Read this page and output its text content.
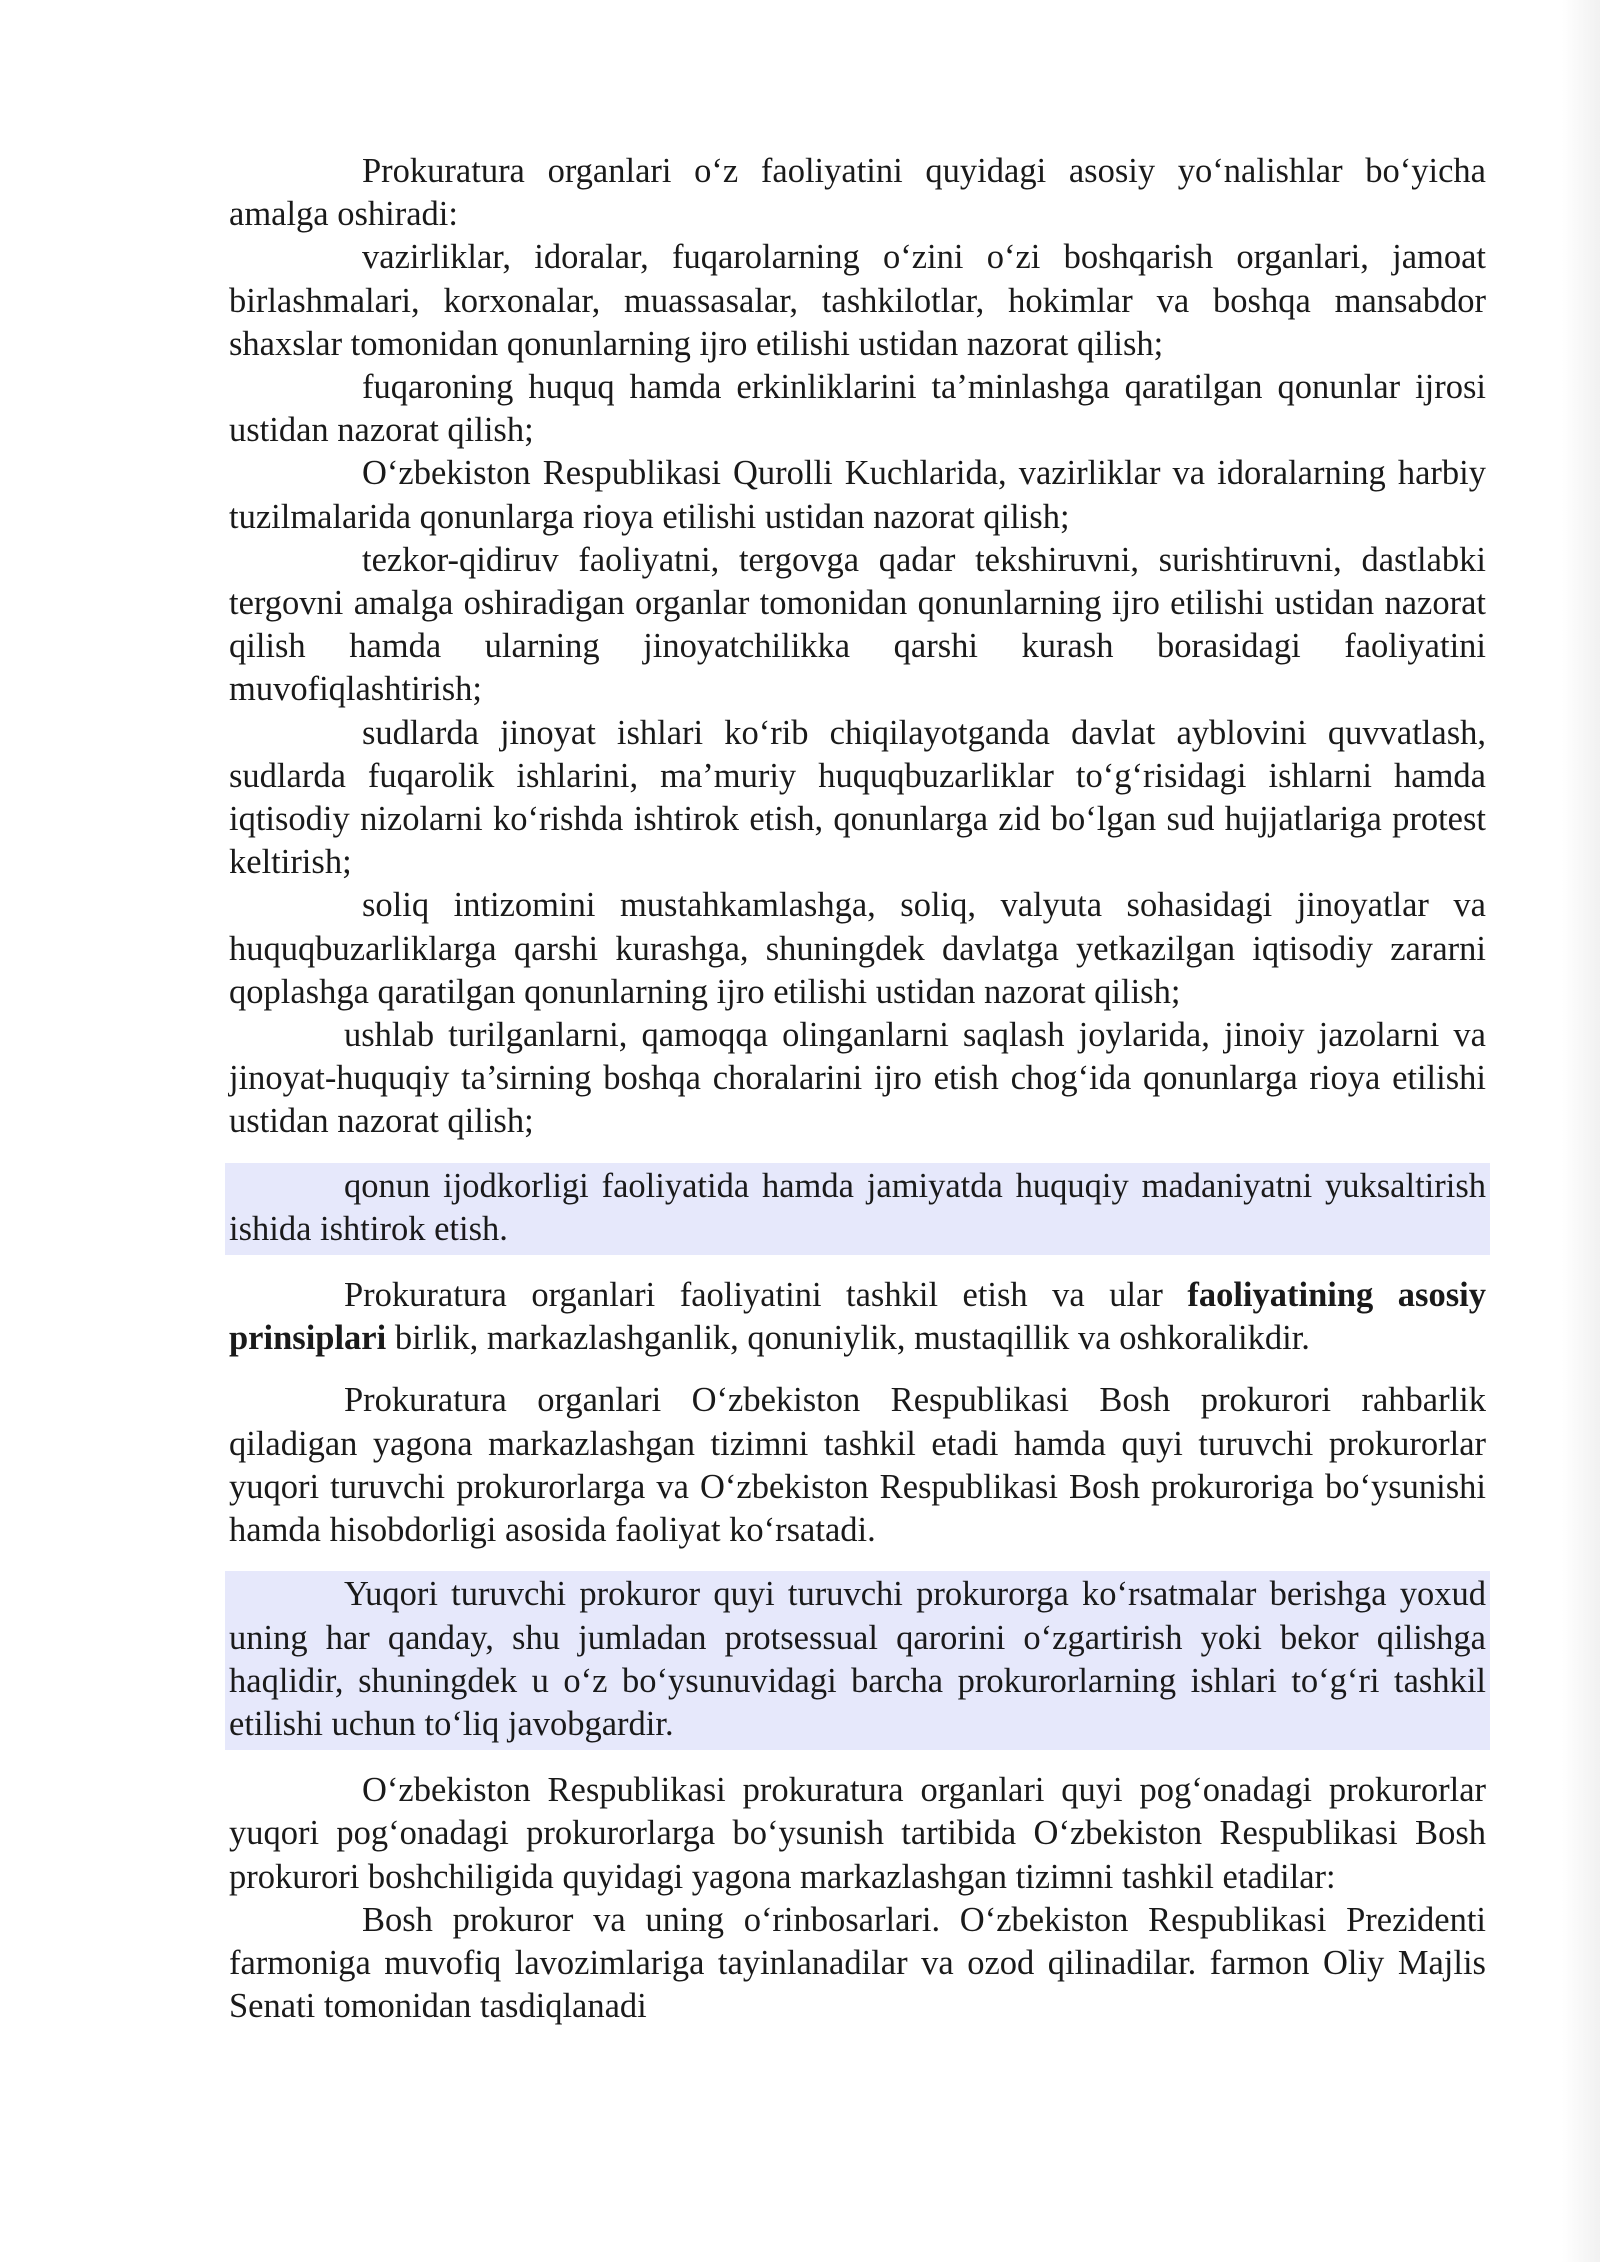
Prokuratura organlari o‘z faoliyatini quyidagi asosiy yo‘nalishlar bo‘yicha amalga oshiradi:

vazirliklar, idoralar, fuqarolarning o‘zini o‘zi boshqarish organlari, jamoat birlashmalari, korxonalar, muassasalar, tashkilotlar, hokimlar va boshqa mansabdor shaxslar tomonidan qonunlarning ijro etilishi ustidan nazorat qilish;

fuqaroning huquq hamda erkinliklarini ta’minlashga qaratilgan qonunlar ijrosi ustidan nazorat qilish;

O‘zbekiston Respublikasi Qurolli Kuchlarida, vazirliklar va idoralarning harbiy tuzilmalarida qonunlarga rioya etilishi ustidan nazorat qilish;

tezkor-qidiruv faoliyatni, tergovga qadar tekshiruvni, surishtiruvni, dastlabki tergovni amalga oshiradigan organlar tomonidan qonunlarning ijro etilishi ustidan nazorat qilish hamda ularning jinoyatchilikka qarshi kurash borasidagi faoliyatini muvofiqlashtirish;

sudlarda jinoyat ishlari ko‘rib chiqilayotganda davlat ayblovini quvvatlash, sudlarda fuqarolik ishlarini, ma’muriy huquqbuzarliklar to‘g‘risidagi ishlarni hamda iqtisodiy nizolarni ko‘rishda ishtirok etish, qonunlarga zid bo‘lgan sud hujjatlariga protest keltirish;

soliq intizomini mustahkamlashga, soliq, valyuta sohasidagi jinoyatlar va huquqbuzarliklarga qarshi kurashga, shuningdek davlatga yetkazilgan iqtisodiy zararni qoplashga qaratilgan qonunlarning ijro etilishi ustidan nazorat qilish;

ushlab turilganlarni, qamoqqa olinganlarni saqlash joylarida, jinoiy jazolarni va jinoyat-huquqiy ta’sirning boshqa choralarini ijro etish chog‘ida qonunlarga rioya etilishi ustidan nazorat qilish;

qonun ijodkorligi faoliyatida hamda jamiyatda huquqiy madaniyatni yuksaltirish ishida ishtirok etish.

Prokuratura organlari faoliyatini tashkil etish va ular faoliyatining asosiy prinsiplari birlik, markazlashganlik, qonuniylik, mustaqillik va oshkoralikdir.

Prokuratura organlari O‘zbekiston Respublikasi Bosh prokurori rahbarlik qiladigan yagona markazlashgan tizimni tashkil etadi hamda quyi turuvchi prokurorlar yuqori turuvchi prokurorlarga va O‘zbekiston Respublikasi Bosh prokuroriga bo‘ysunishi hamda hisobdorligi asosida faoliyat ko‘rsatadi.

Yuqori turuvchi prokuror quyi turuvchi prokurorga ko‘rsatmalar berishga yoxud uning har qanday, shu jumladan protsessual qarorini o‘zgartirish yoki bekor qilishga haqlidir, shuningdek u o‘z bo‘ysunuvidagi barcha prokurorlarning ishlari to‘g‘ri tashkil etilishi uchun to‘liq javobgardir.

O‘zbekiston Respublikasi prokuratura organlari quyi pog‘onadagi prokurorlar yuqori pog‘onadagi prokurorlarga bo‘ysunish tartibida O‘zbekiston Respublikasi Bosh prokurori boshchiligida quyidagi yagona markazlashgan tizimni tashkil etadilar:

Bosh prokuror va uning o‘rinbosarlari. O‘zbekiston Respublikasi Prezidenti farmoniga muvofiq lavozimlariga tayinlanadilar va ozod qilinadilar. farmon Oliy Majlis Senati tomonidan tasdiqlanadi
